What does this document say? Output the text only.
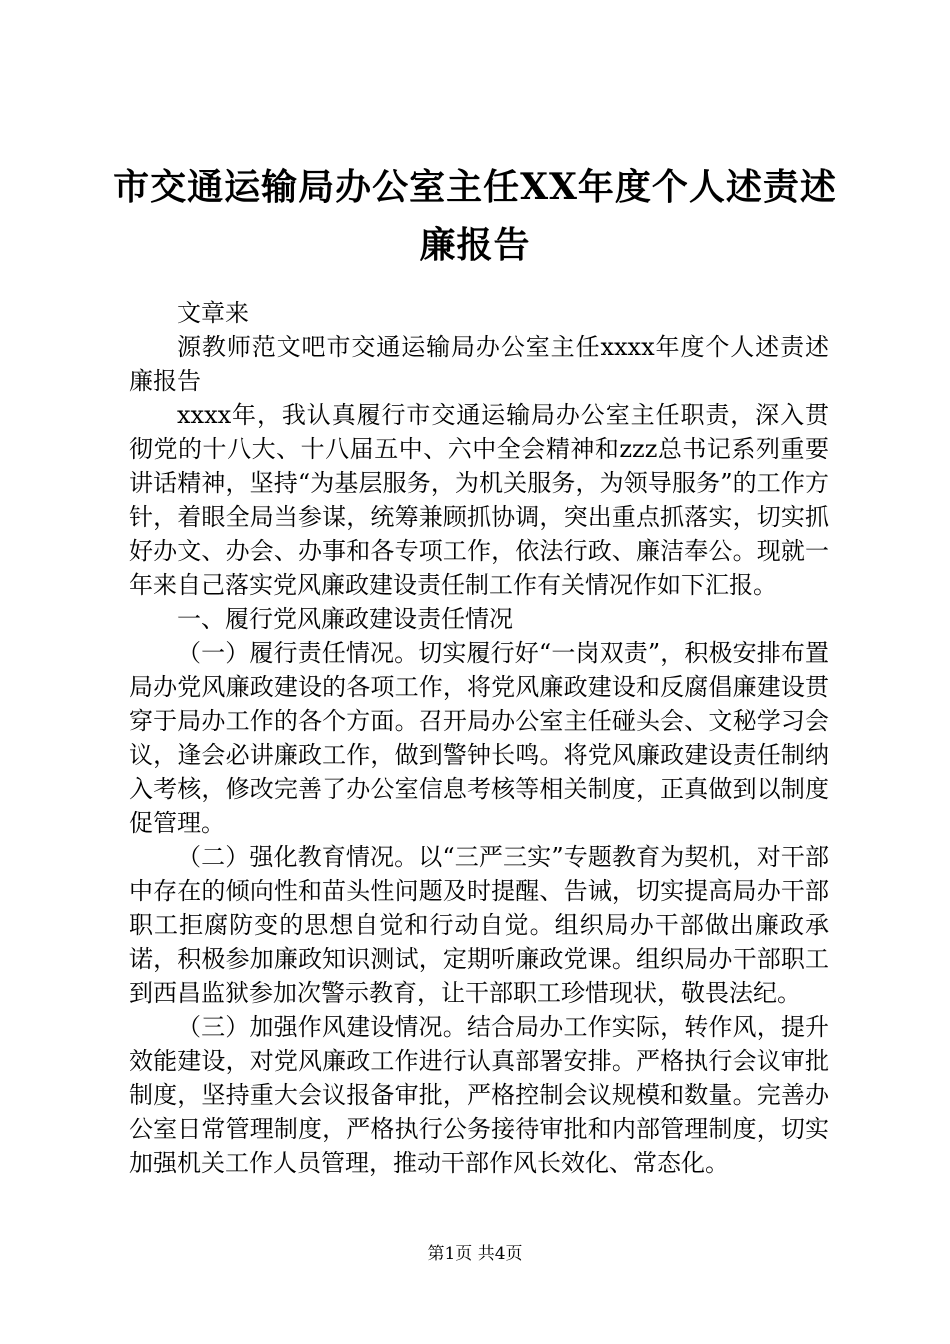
市交通运输局办公室主任XX年度个人述责述廉报告

文章来

源教师范文吧市交通运输局办公室主任xxxx年度个人述责述廉报告

xxxx年，我认真履行市交通运输局办公室主任职责，深入贯彻党的十八大、十八届五中、六中全会精神和zzz总书记系列重要讲话精神，坚持“为基层服务，为机关服务，为领导服务”的工作方针，着眼全局当参谋，统筹兼顾抓协调，突出重点抓落实，切实抓好办文、办会、办事和各专项工作，依法行政、廉洁奉公。现就一年来自己落实党风廉政建设责任制工作有关情况作如下汇报。

一、履行党风廉政建设责任情况

（一）履行责任情况。切实履行好“一岗双责”，积极安排布置局办党风廉政建设的各项工作，将党风廉政建设和反腐倡廉建设贯穿于局办工作的各个方面。召开局办公室主任碰头会、文秘学习会议，逢会必讲廉政工作，做到警钟长鸣。将党风廉政建设责任制纳入考核，修改完善了办公室信息考核等相关制度，正真做到以制度促管理。

（二）强化教育情况。以“三严三实”专题教育为契机，对干部中存在的倾向性和苗头性问题及时提醒、告诫，切实提高局办干部职工拒腐防变的思想自觉和行动自觉。组织局办干部做出廉政承诺，积极参加廉政知识测试，定期听廉政党课。组织局办干部职工到西昌监狱参加次警示教育，让干部职工珍惜现状，敬畏法纪。

（三）加强作风建设情况。结合局办工作实际，转作风，提升效能建设，对党风廉政工作进行认真部署安排。严格执行会议审批制度，坚持重大会议报备审批，严格控制会议规模和数量。完善办公室日常管理制度，严格执行公务接待审批和内部管理制度，切实加强机关工作人员管理，推动干部作风长效化、常态化。

第1页 共4页
